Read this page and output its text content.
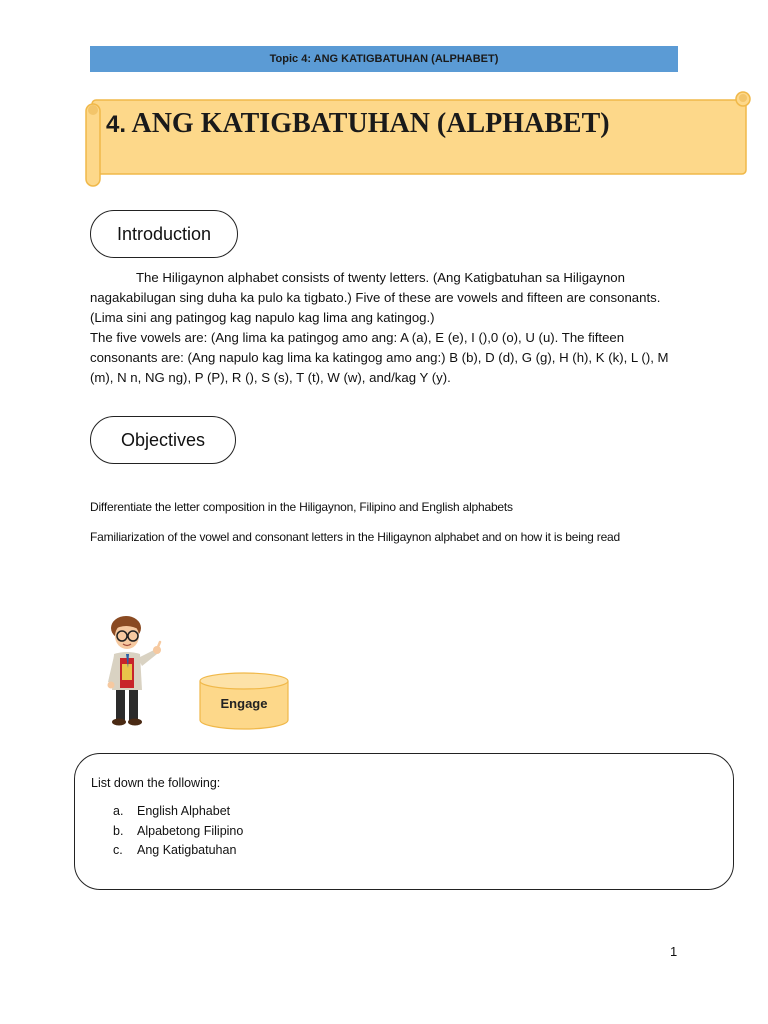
Topic 4: ANG KATIGBATUHAN (ALPHABET)
4. ANG KATIGBATUHAN (ALPHABET)
Introduction

The Hiligaynon alphabet consists of twenty letters. (Ang Katigbatuhan sa Hiligaynon nagakabilugan sing duha ka pulo ka tigbato.) Five of these are vowels and fifteen are consonants. (Lima sini ang patingog kag napulo kag lima ang katingog.)

The five vowels are: (Ang lima ka patingog amo ang: A (a), E (e), I (),0 (o), U (u). The fifteen consonants are: (Ang napulo kag lima ka katingog amo ang:) B (b), D (d), G (g), H (h), K (k), L (), M (m), N n, NG ng), P (P), R (), S (s), T (t), W (w), and/kag Y (y).

Objectives
Differentiate the letter composition in the Hiligaynon, Filipino and English alphabets
Familiarization of the vowel and consonant letters in the Hiligaynon alphabet and on how it is being read
Engage
List down the following:
a.	English Alphabet
b.	Alpabetong Filipino
c.	Ang Katigbatuhan
1
